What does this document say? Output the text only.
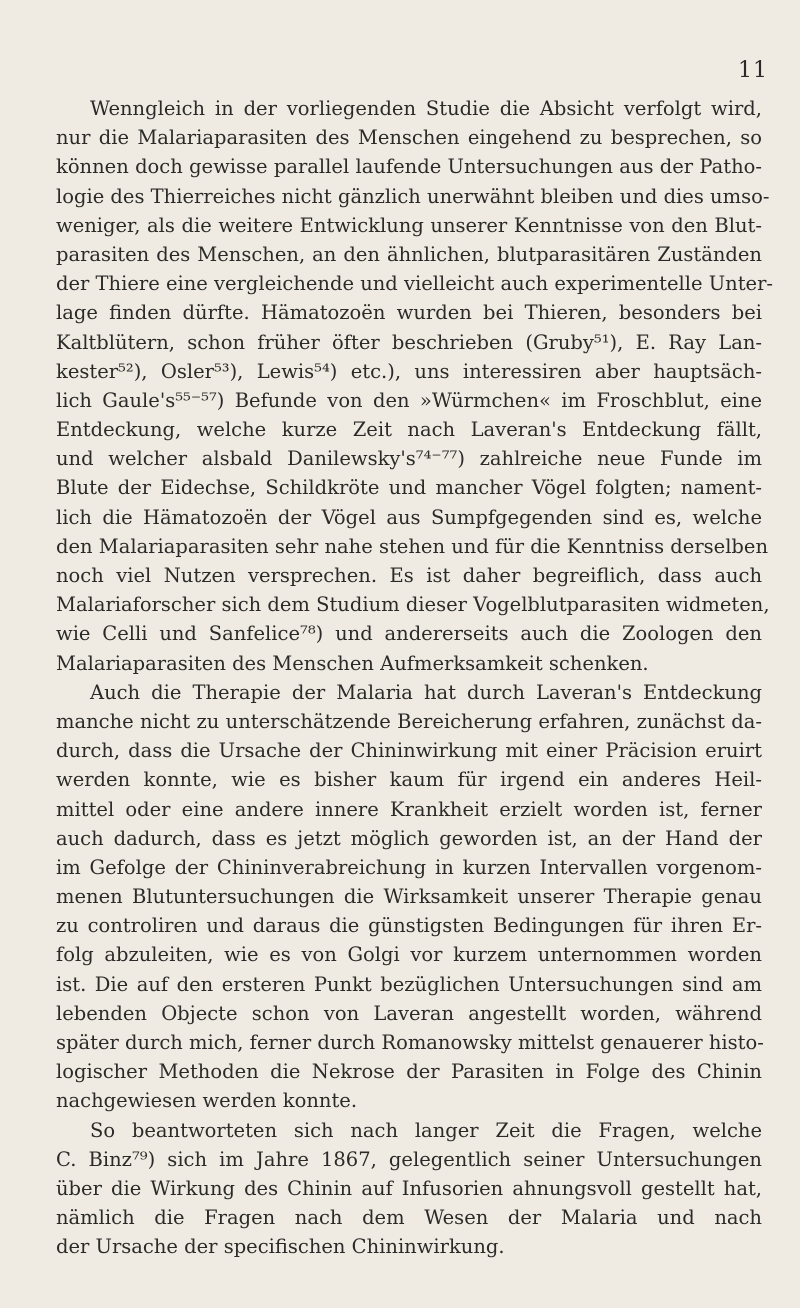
11
Wenngleich in der vorliegenden Studie die Absicht verfolgt wird,
nur die Malariaparasiten des Menschen eingehend zu besprechen, so
können doch gewisse parallel laufende Untersuchungen aus der Patho-
logie des Thierreiches nicht gänzlich unerwähnt bleiben und dies umso-
weniger, als die weitere Entwicklung unserer Kenntnisse von den Blut-
parasiten des Menschen, an den ähnlichen, blutparasitären Zuständen
der Thiere eine vergleichende und vielleicht auch experimentelle Unter-
lage finden dürfte. Hämatozoën wurden bei Thieren, besonders bei
Kaltblütern, schon früher öfter beschrieben (Gruby⁵¹), E. Ray Lan-
kester⁵²), Osler⁵³), Lewis⁵⁴) etc.), uns interessiren aber hauptsäch-
lich Gaule's⁵⁵⁻⁵⁷) Befunde von den »Würmchen« im Froschblut, eine
Entdeckung, welche kurze Zeit nach Laveran's Entdeckung fällt,
und welcher alsbald Danilewsky's⁷⁴⁻⁷⁷) zahlreiche neue Funde im
Blute der Eidechse, Schildkröte und mancher Vögel folgten; nament-
lich die Hämatozoën der Vögel aus Sumpfgegenden sind es, welche
den Malariaparasiten sehr nahe stehen und für die Kenntniss derselben
noch viel Nutzen versprechen. Es ist daher begreiflich, dass auch
Malariaforscher sich dem Studium dieser Vogelblutparasiten widmeten,
wie Celli und Sanfelice⁷⁸) und andererseits auch die Zoologen den
Malariaparasiten des Menschen Aufmerksamkeit schenken.
Auch die Therapie der Malaria hat durch Laveran's Entdeckung
manche nicht zu unterschätzende Bereicherung erfahren, zunächst da-
durch, dass die Ursache der Chininwirkung mit einer Präcision eruirt
werden konnte, wie es bisher kaum für irgend ein anderes Heil-
mittel oder eine andere innere Krankheit erzielt worden ist, ferner
auch dadurch, dass es jetzt möglich geworden ist, an der Hand der
im Gefolge der Chininverabreichung in kurzen Intervallen vorgenom-
menen Blutuntersuchungen die Wirksamkeit unserer Therapie genau
zu controliren und daraus die günstigsten Bedingungen für ihren Er-
folg abzuleiten, wie es von Golgi vor kurzem unternommen worden
ist. Die auf den ersteren Punkt bezüglichen Untersuchungen sind am
lebenden Objecte schon von Laveran angestellt worden, während
später durch mich, ferner durch Romanowsky mittelst genauerer histo-
logischer Methoden die Nekrose der Parasiten in Folge des Chinin
nachgewiesen werden konnte.
So beantworteten sich nach langer Zeit die Fragen, welche
C. Binz⁷⁹) sich im Jahre 1867, gelegentlich seiner Untersuchungen
über die Wirkung des Chinin auf Infusorien ahnungsvoll gestellt hat,
nämlich die Fragen nach dem Wesen der Malaria und nach
der Ursache der specifischen Chininwirkung.
